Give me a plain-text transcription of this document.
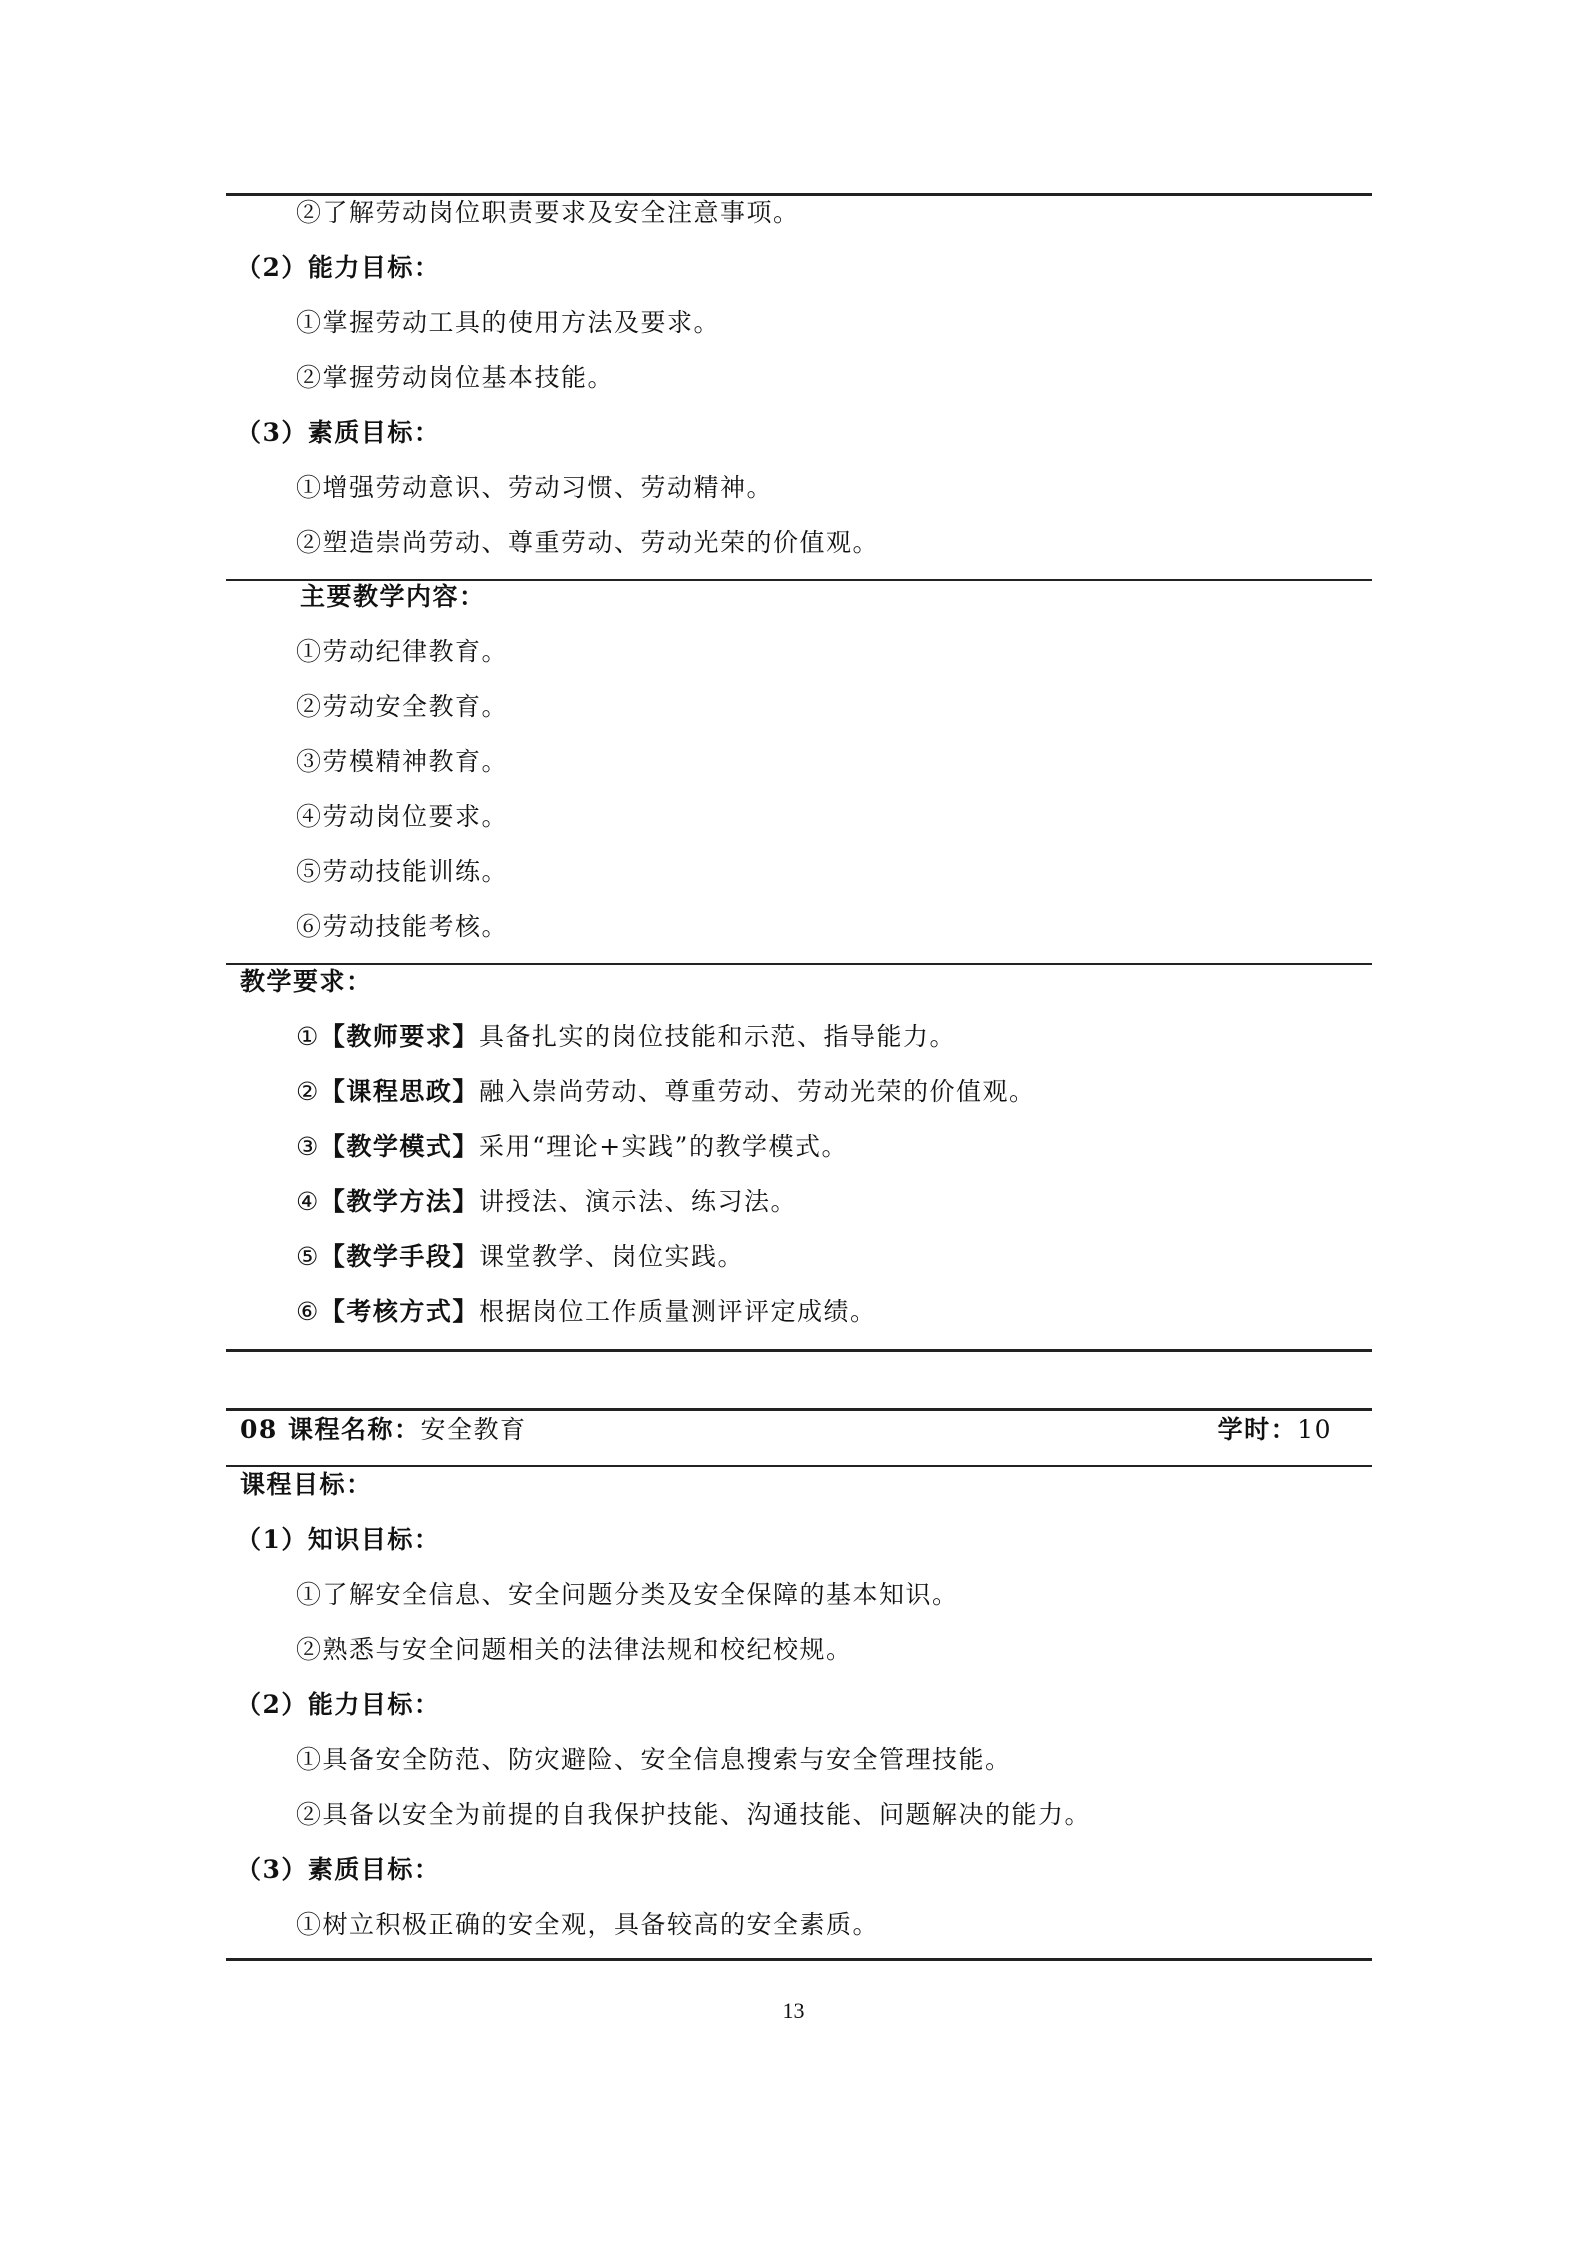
②了解劳动岗位职责要求及安全注意事项。
（2）能力目标：
①掌握劳动工具的使用方法及要求。
②掌握劳动岗位基本技能。
（3）素质目标：
①增强劳动意识、劳动习惯、劳动精神。
②塑造崇尚劳动、尊重劳动、劳动光荣的价值观。
主要教学内容：
①劳动纪律教育。
②劳动安全教育。
③劳模精神教育。
④劳动岗位要求。
⑤劳动技能训练。
⑥劳动技能考核。
教学要求：
①【教师要求】具备扎实的岗位技能和示范、指导能力。
②【课程思政】融入崇尚劳动、尊重劳动、劳动光荣的价值观。
③【教学模式】采用“理论+实践”的教学模式。
④【教学方法】讲授法、演示法、练习法。
⑤【教学手段】课堂教学、岗位实践。
⑥【考核方式】根据岗位工作质量测评评定成绩。
08 课程名称：安全教育	学时：10
课程目标：
（1）知识目标：
①了解安全信息、安全问题分类及安全保障的基本知识。
②熟悉与安全问题相关的法律法规和校纪校规。
（2）能力目标：
①具备安全防范、防灾避险、安全信息搜索与安全管理技能。
②具备以安全为前提的自我保护技能、沟通技能、问题解决的能力。
（3）素质目标：
①树立积极正确的安全观，具备较高的安全素质。
13
